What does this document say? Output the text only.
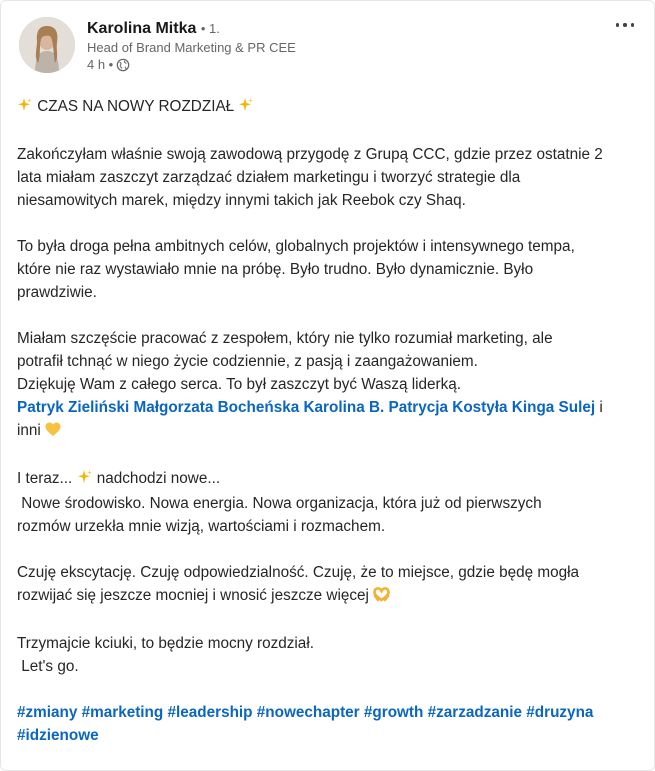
Karolina Mitka • 1.
Head of Brand Marketing & PR CEE
4 h •

CZAS NA NOWY ROZDZIAŁ

Zakończyłam właśnie swoją zawodową przygodę z Grupą CCC, gdzie przez ostatnie 2

lata miałam zaszczyt zarządzać działem marketingu i tworzyć strategie dla

niesamowitych marek, między innymi takich jak Reebok czy Shaq.

To była droga pełna ambitnych celów, globalnych projektów i intensywnego tempa,

które nie raz wystawiało mnie na próbę. Było trudno. Było dynamicznie. Było

prawdziwie.

Miałam szczęście pracować z zespołem, który nie tylko rozumiał marketing, ale

potrafił tchnąć w niego życie codziennie, z pasją i zaangażowaniem.

Dziękuję Wam z całego serca. To był zaszczyt być Waszą liderką.

Patryk Zieliński Małgorzata Bocheńska Karolina B. Patrycja Kostyła Kinga Sulej i

inni

I teraz... nadchodzi nowe...

Nowe środowisko. Nowa energia. Nowa organizacja, która już od pierwszych

rozmów urzekła mnie wizją, wartościami i rozmachem.

Czuję ekscytację. Czuję odpowiedzialność. Czuję, że to miejsce, gdzie będę mogła

rozwijać się jeszcze mocniej i wnosić jeszcze więcej

Trzymajcie kciuki, to będzie mocny rozdział.

Let's go.

#zmiany #marketing #leadership #nowechapter #growth #zarzadzanie #druzyna

#idzienowe
